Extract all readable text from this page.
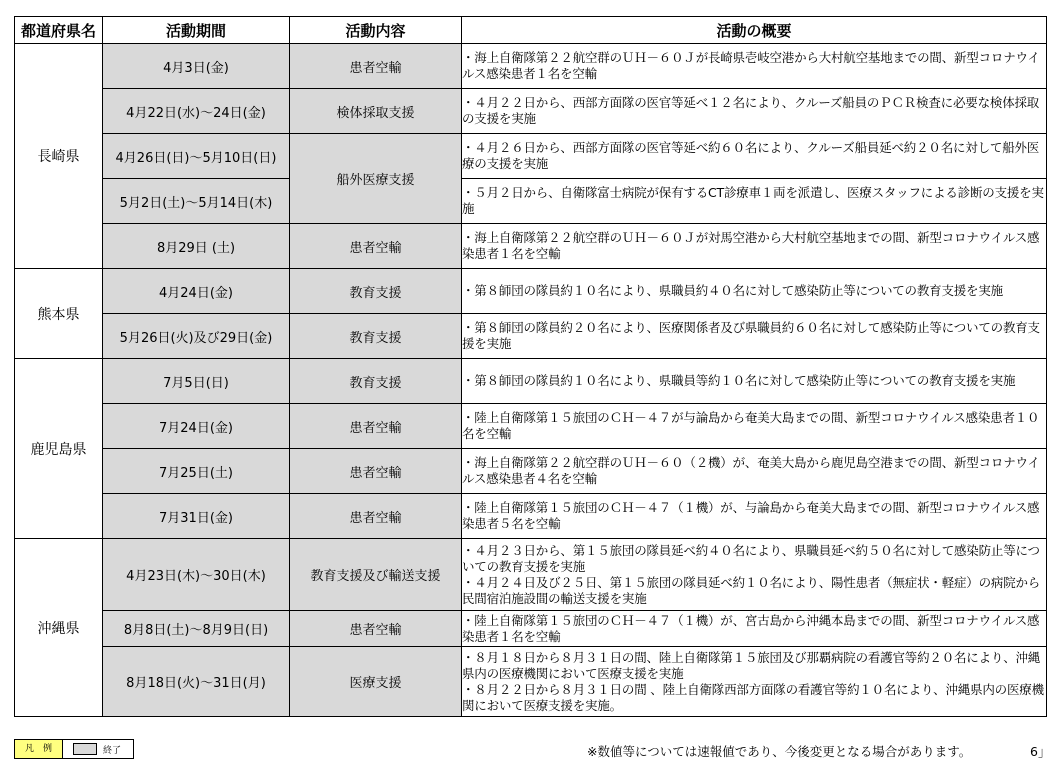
都道府県名	活動期間	活動内容	活動の概要
長崎県	4月3日(金)	患者空輸	・海上自衛隊第２２航空群のＵＨ－６０Ｊが長崎県壱岐空港から大村航空基地までの間、新型コロナウイルス感染患者１名を空輸

	4月22日(水)～24日(金)	検体採取支援	・４月２２日から、西部方面隊の医官等延べ１２名により、クルーズ船員のＰＣＲ検査に必要な検体採取の支援を実施

	4月26日(日)～5月10日(日)	船外医療支援	・４月２６日から、西部方面隊の医官等延べ約６０名により、クルーズ船員延べ約２０名に対して船外医療の支援を実施

	5月2日(土)～5月14日(木)		・５月２日から、自衛隊富士病院が保有するCT診療車１両を派遣し、医療スタッフによる診断の支援を実施

	8月29日 (土)	患者空輸	・海上自衛隊第２２航空群のＵＨ－６０Ｊが対馬空港から大村航空基地までの間、新型コロナウイルス感染患者１名を空輸

熊本県	4月24日(金)	教育支援	・第８師団の隊員約１０名により、県職員約４０名に対して感染防止等についての教育支援を実施

	5月26日(火)及び29日(金)	教育支援	・第８師団の隊員約２０名により、医療関係者及び県職員約６０名に対して感染防止等についての教育支援を実施

鹿児島県	7月5日(日)	教育支援	・第８師団の隊員約１０名により、県職員等約１０名に対して感染防止等についての教育支援を実施

	7月24日(金)	患者空輸	・陸上自衛隊第１５旅団のＣＨ－４７が与論島から奄美大島までの間、新型コロナウイルス感染患者１０名を空輸

	7月25日(土)	患者空輸	・海上自衛隊第２２航空群のＵＨ－６０（２機）が、奄美大島から鹿児島空港までの間、新型コロナウイルス感染患者４名を空輸

	7月31日(金)	患者空輸	・陸上自衛隊第１５旅団のＣＨ－４７（１機）が、与論島から奄美大島までの間、新型コロナウイルス感染患者５名を空輸

沖縄県	4月23日(木)～30日(木)	教育支援及び輸送支援	・４月２３日から、第１５旅団の隊員延べ約４０名により、県職員延べ約５０名に対して感染防止等についての教育支援を実施
・４月２４日及び２５日、第１５旅団の隊員延べ約１０名により、陽性患者（無症状・軽症）の病院から民間宿泊施設間の輸送支援を実施

	8月8日(土)～8月9日(日)	患者空輸	・陸上自衛隊第１５旅団のＣＨ－４７（１機）が、宮古島から沖縄本島までの間、新型コロナウイルス感染患者１名を空輸

	8月18日(火)～31日(月)	医療支援	・８月１８日から８月３１日の間、陸上自衛隊第１５旅団及び那覇病院の看護官等約２０名により、沖縄県内の医療機関において医療支援を実施
・８月２２日から８月３１日の間 、陸上自衛隊西部方面隊の看護官等約１０名により、沖縄県内の医療機関において医療支援を実施。
凡　例	終了	※数値等については速報値であり、今後変更となる場合があります。	6」
